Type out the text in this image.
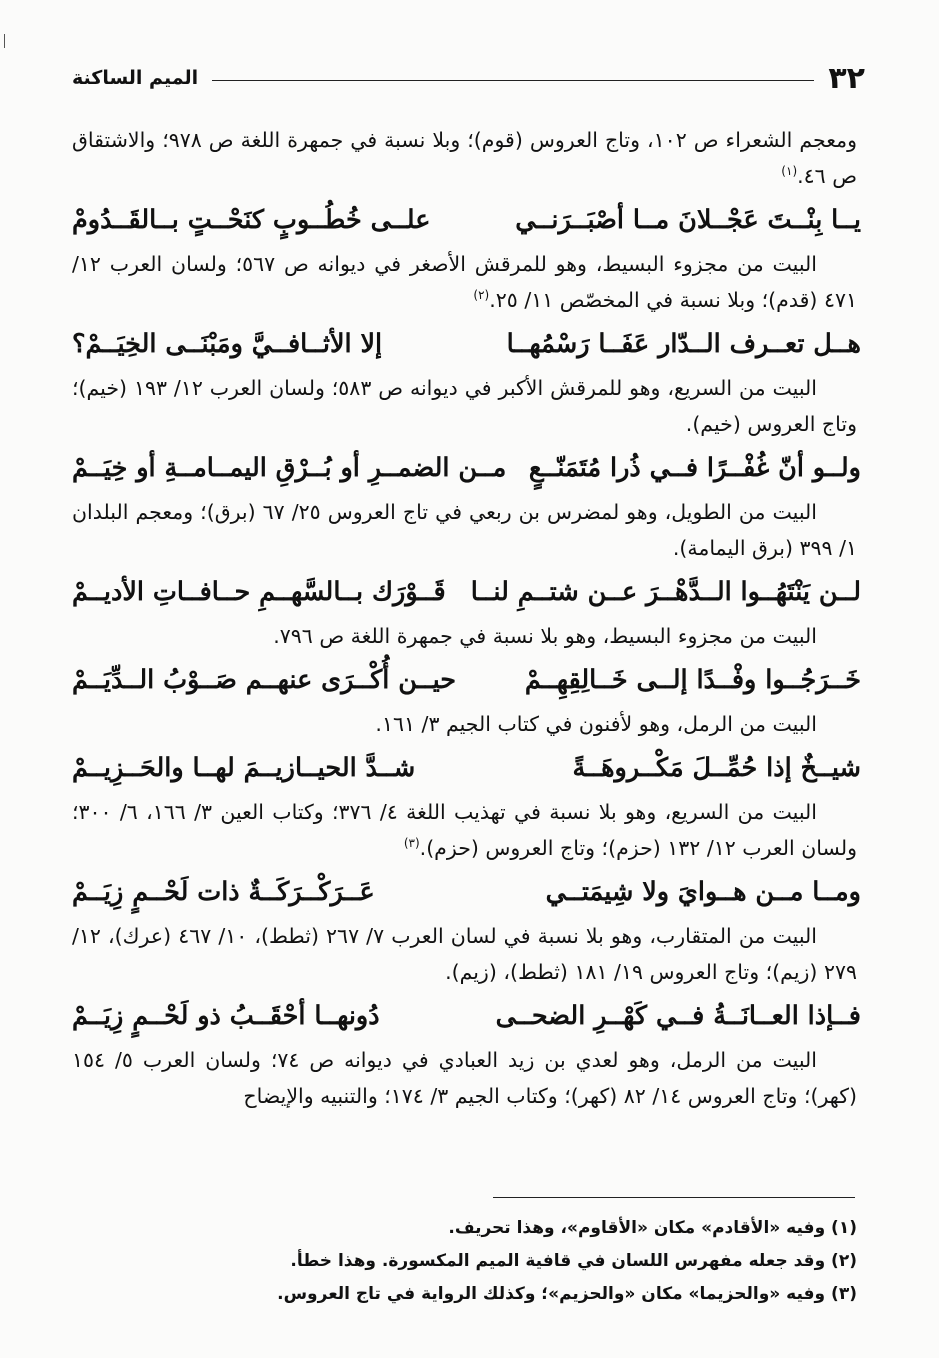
٣٢
الميم الساكنة

ومعجم الشعراء ص ١٠٢، وتاج العروس (قوم)؛ وبلا نسبة في جمهرة اللغة ص ٩٧٨؛ والاشتقاق ص ٤٦.$^{(١)}$

يــا بِنْــتَ عَجْــلانَ مــا أصْبَــرَنــي
علــى خُطُــوبٍ كنَحْــتٍ بــالقَــدُومْ

البيت من مجزوء البسيط، وهو للمرقش الأصغر في ديوانه ص ٥٦٧؛ ولسان العرب ١٢/ ٤٧١ (قدم)؛ وبلا نسبة في المخصّص ١١/ ٢٥.$^{(٢)}$

هــل تعــرف الــدّار عَفَــا رَسْمُهــا
إلا الأثــافــيَّ ومَبْنَــى الخِيَــمْ؟

البيت من السريع، وهو للمرقش الأكبر في ديوانه ص ٥٨٣؛ ولسان العرب ١٢/ ١٩٣ (خيم)؛ وتاج العروس (خيم).

ولــو أنّ غُفْــرًا فــي ذُرا مُتَمَنّــعٍ
مــن الضمــرِ أو بُــرْقِ اليمــامــةِ أو خِيَــمْ

البيت من الطويل، وهو لمضرس بن ربعي في تاج العروس ٢٥/ ٦٧ (برق)؛ ومعجم البلدان ١/ ٣٩٩ (برق اليمامة).

لــن يَنْتَهُــوا الــدَّهْــرَ عــن شتــمِ لنــا
قَــوْرَك بــالسَّهــمِ حــافــاتِ الأديــمْ

البيت من مجزوء البسيط، وهو بلا نسبة في جمهرة اللغة ص ٧٩٦.

خَــرَجُــوا وفْــدًا إلــى خَــالِقِهِــمْ
حيــن أُكْــرَى عنهــم صَــوْبُ الــدِّيَــمْ

البيت من الرمل، وهو لأفنون في كتاب الجيم ٣/ ١٦١.

شيــخٌ إذا حُمِّــلَ مَكْــروهَــةً
شــدَّ الحيــازيــمَ لهــا والحَــزِيــمْ

البيت من السريع، وهو بلا نسبة في تهذيب اللغة ٤/ ٣٧٦؛ وكتاب العين ٣/ ١٦٦، ٦/ ٣٠٠؛ ولسان العرب ١٢/ ١٣٢ (حزم)؛ وتاج العروس (حزم).$^{(٣)}$

ومــا مــن هــوايَ ولا شِيمَتــي
عَــرَكْــرَكَــةٌ ذات لَحْــمٍ زِيَــمْ

البيت من المتقارب، وهو بلا نسبة في لسان العرب ٧/ ٢٦٧ (ثطط)، ١٠/ ٤٦٧ (عرك)، ١٢/ ٢٧٩ (زيم)؛ وتاج العروس ١٩/ ١٨١ (ثطط)، (زيم).

فــإذا العــانَــةُ فــي كَهْــرِ الضحــى
دُونهــا أحْقَــبُ ذو لَحْــمٍ زِيَــمْ

البيت من الرمل، وهو لعدي بن زيد العبادي في ديوانه ص ٧٤؛ ولسان العرب ٥/ ١٥٤ (كهر)؛ وتاج العروس ١٤/ ٨٢ (كهر)؛ وكتاب الجيم ٣/ ١٧٤؛ والتنبيه والإيضاح

(١) وفيه «الأقادم» مكان «الأقاوم»، وهذا تحريف.

(٢) وقد جعله مفهرس اللسان في قافية الميم المكسورة. وهذا خطأ.

(٣) وفيه «والحزيما» مكان «والحزيم»؛ وكذلك الرواية في تاج العروس.
